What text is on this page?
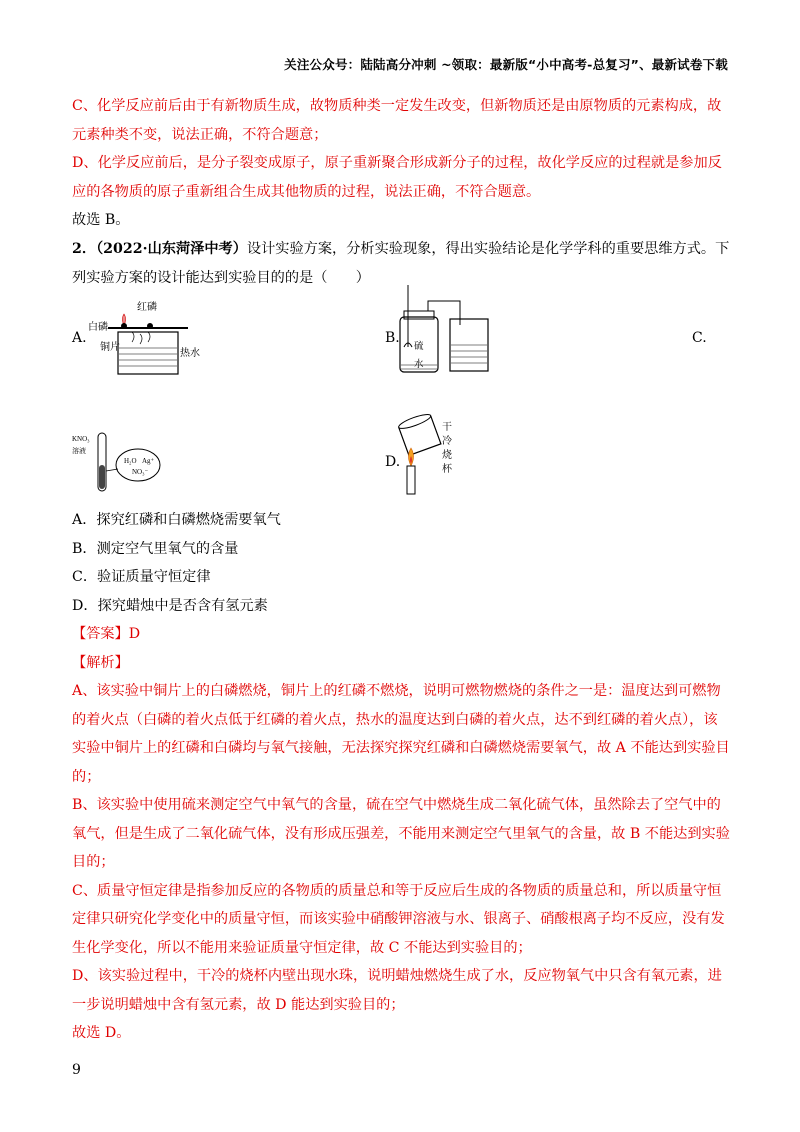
关注公众号：陆陆高分冲刺 ~领取：最新版“小中高考-总复习”、最新试卷下载
C、化学反应前后由于有新物质生成，故物质种类一定发生改变，但新物质还是由原物质的元素构成，故
元素种类不变，说法正确，不符合题意；
D、化学反应前后，是分子裂变成原子，原子重新聚合形成新分子的过程，故化学反应的过程就是参加反
应的各物质的原子重新组合生成其他物质的过程，说法正确，不符合题意。
故选 B。
2．（2022·山东菏泽中考）设计实验方案，分析实验现象，得出实验结论是化学学科的重要思维方式。下
列实验方案的设计能达到实验目的的是（　　）
A.
红磷
白磷
铜片
热水
B.
硫
水
C.
KNO₃
溶液
H₂O Ag⁺
NO₃⁻
D.
干
冷
烧
杯
A．探究红磷和白磷燃烧需要氧气
B．测定空气里氧气的含量
C．验证质量守恒定律
D．探究蜡烛中是否含有氢元素
【答案】D
【解析】
A、该实验中铜片上的白磷燃烧，铜片上的红磷不燃烧，说明可燃物燃烧的条件之一是：温度达到可燃物
的着火点（白磷的着火点低于红磷的着火点，热水的温度达到白磷的着火点，达不到红磷的着火点），该
实验中铜片上的红磷和白磷均与氧气接触，无法探究探究红磷和白磷燃烧需要氧气，故 A 不能达到实验目
的；
B、该实验中使用硫来测定空气中氧气的含量，硫在空气中燃烧生成二氧化硫气体，虽然除去了空气中的
氧气，但是生成了二氧化硫气体，没有形成压强差，不能用来测定空气里氧气的含量，故 B 不能达到实验
目的；
C、质量守恒定律是指参加反应的各物质的质量总和等于反应后生成的各物质的质量总和，所以质量守恒
定律只研究化学变化中的质量守恒，而该实验中硝酸钾溶液与水、银离子、硝酸根离子均不反应，没有发
生化学变化，所以不能用来验证质量守恒定律，故 C 不能达到实验目的；
D、该实验过程中，干冷的烧杯内壁出现水珠，说明蜡烛燃烧生成了水，反应物氧气中只含有氧元素，进
一步说明蜡烛中含有氢元素，故 D 能达到实验目的；
故选 D。
9
